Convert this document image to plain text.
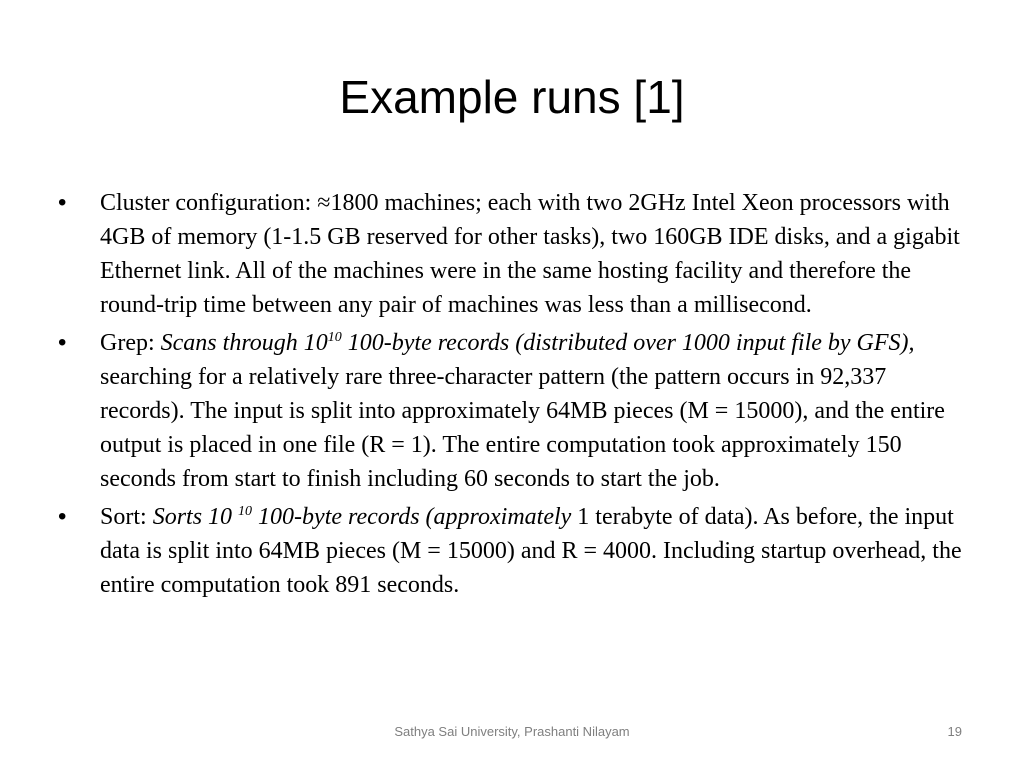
Example runs [1]
•	Cluster configuration: ≈1800 machines; each with two 2GHz Intel Xeon processors with 4GB of memory (1-1.5 GB reserved for other tasks), two 160GB IDE disks, and a gigabit Ethernet link. All of the machines were in the same hosting facility and therefore the round-trip time between any pair of machines was less than a millisecond.
•	Grep: Scans through $10^{10}$ 100-byte records (distributed over 1000 input file by GFS), searching for a relatively rare three-character pattern (the pattern occurs in 92,337 records). The input is split into approximately 64MB pieces (M = 15000), and the entire output is placed in one file (R = 1). The entire computation took approximately 150 seconds from start to finish including 60 seconds to start the job.
•	Sort: Sorts 10 $^{10}$ 100-byte records (approximately 1 terabyte of data). As before, the input data is split into 64MB pieces (M = 15000) and R = 4000. Including startup overhead, the entire computation took 891 seconds.
Sathya Sai University, Prashanti Nilayam	19
